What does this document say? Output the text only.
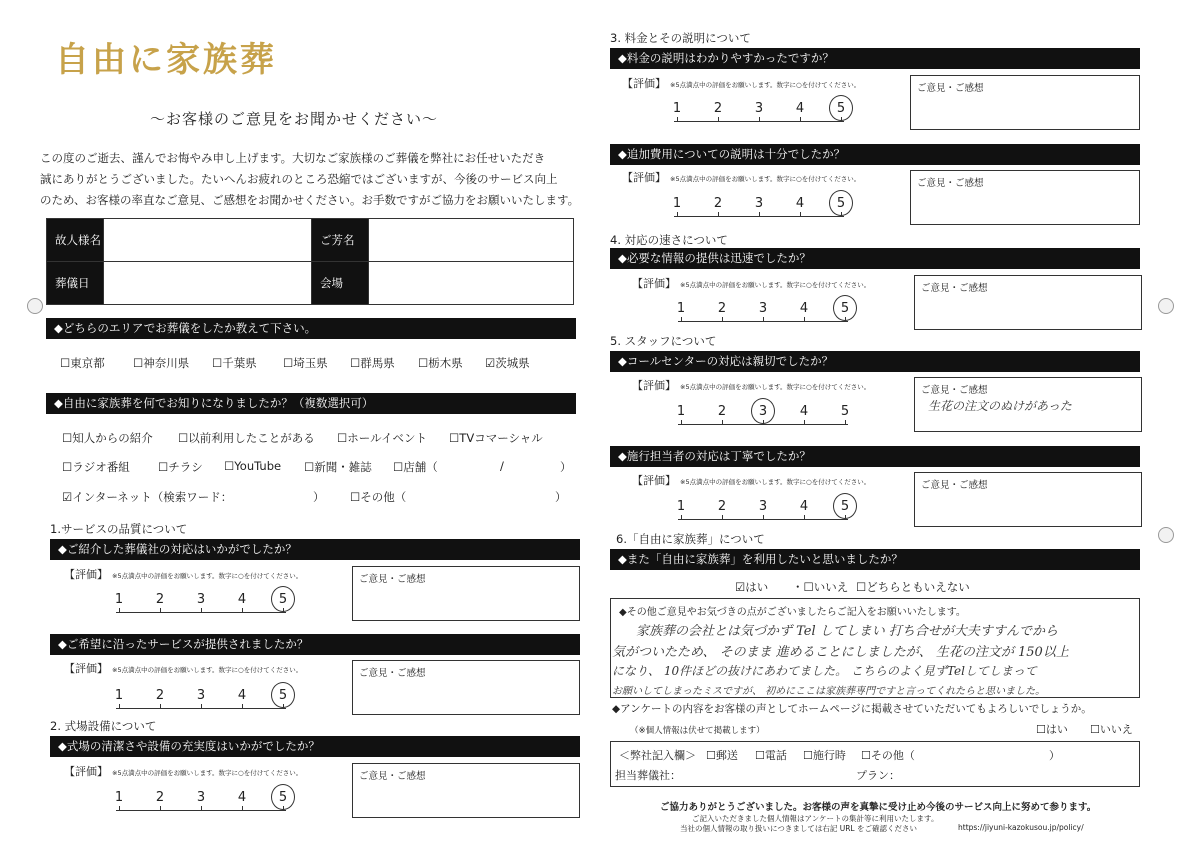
自由に家族葬
〜お客様のご意見をお聞かせください〜

この度のご逝去、謹んでお悔やみ申し上げます。大切なご家族様のご葬儀を弊社にお任せいただき

誠にありがとうございました。たいへんお疲れのところ恐縮ではございますが、今後のサービス向上

のため、お客様の率直なご意見、ご感想をお聞かせください。お手数ですがご協力をお願いいたします。

故人様名		ご芳名	
葬儀日		会場	
◆どちらのエリアでお葬儀をしたか教えて下さい。
☐東京都 ☐神奈川県 ☐千葉県 ☐埼玉県 ☐群馬県 ☐栃木県 ☑茨城県
◆自由に家族葬を何でお知りになりましたか？（複数選択可）
☐知人からの紹介 ☐以前利用したことがある ☐ホールイベント ☐TVコマーシャル
☐ラジオ番組 ☐チラシ ☐YouTube ☐新聞・雑誌 ☐店舗（	/	）
☑インターネット（検索ワード：	） ☐その他（	）
1.サービスの品質について
◆ご紹介した葬儀社の対応はいかがでしたか？
【評価】 ※5点満点中の評価をお願いします。数字に○を付けてください。	ご意見・ご感想
1	2	3	4	5
◆ご希望に沿ったサービスが提供されましたか？
【評価】 ※5点満点中の評価をお願いします。数字に○を付けてください。	ご意見・ご感想
1	2	3	4	5
2. 式場設備について
◆式場の清潔さや設備の充実度はいかがでしたか？
【評価】 ※5点満点中の評価をお願いします。数字に○を付けてください。	ご意見・ご感想
1	2	3	4	5
3. 料金とその説明について
◆料金の説明はわかりやすかったですか？
【評価】 ※5点満点中の評価をお願いします。数字に○を付けてください。	ご意見・ご感想
1	2	3	4	5
◆追加費用についての説明は十分でしたか？
【評価】 ※5点満点中の評価をお願いします。数字に○を付けてください。	ご意見・ご感想
1	2	3	4	5
4. 対応の速さについて
◆必要な情報の提供は迅速でしたか？
【評価】 ※5点満点中の評価をお願いします。数字に○を付けてください。	ご意見・ご感想
1	2	3	4	5
5. スタッフについて
◆コールセンターの対応は親切でしたか？
【評価】 ※5点満点中の評価をお願いします。数字に○を付けてください。	ご意見・ご感想
生花の注文のぬけがあった
1	2	3	4	5
◆施行担当者の対応は丁寧でしたか？
【評価】 ※5点満点中の評価をお願いします。数字に○を付けてください。	ご意見・ご感想
1	2	3	4	5
6.「自由に家族葬」について
◆また「自由に家族葬」を利用したいと思いましたか？
☑はい ・☐いいえ ☐どちらともいえない
◆その他ご意見やお気づきの点がございましたらご記入をお願いいたします。
家族葬の会社とは気づかず Tel してしまい 打ち合せが大夫すすんでから
気がついたため、 そのまま 進めることにしましたが、 生花の注文が 150以上
になり、 10件ほどの抜けにあわてました。 こちらのよく見ずTelしてしまって
お願いしてしまったミスですが、 初めにここは家族葬専門ですと言ってくれたらと思いました。
◆アンケートの内容をお客様の声としてホームページに掲載させていただいてもよろしいでしょうか。
（※個人情報は伏せて掲載します）	☐はい ☐いいえ
＜弊社記入欄＞ ☐郵送 ☐電話 ☐施行時 ☐その他（	）
担当葬儀社：	プラン：
ご協力ありがとうございました。お客様の声を真摯に受け止め今後のサービス向上に努めて参ります。
ご記入いただきました個人情報はアンケートの集計等に利用いたします。
当社の個人情報の取り扱いにつきましては右記 URL をご確認ください	https://jiyuni-kazokusou.jp/policy/
